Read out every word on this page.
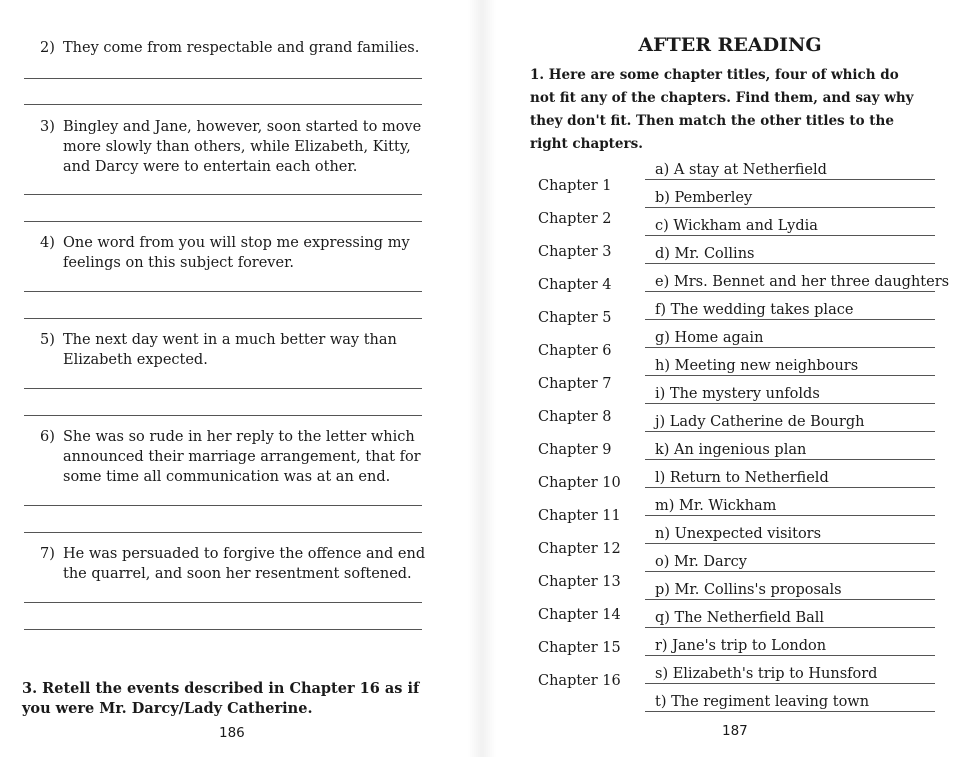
2) They come from respectable and grand families.
3) Bingley and Jane, however, soon started to move more slowly than others, while Elizabeth, Kitty, and Darcy were to entertain each other.
4) One word from you will stop me expressing my feelings on this subject forever.
5) The next day went in a much better way than Elizabeth expected.
6) She was so rude in her reply to the letter which announced their marriage arrangement, that for some time all communication was at an end.
7) He was persuaded to forgive the offence and end the quarrel, and soon her resentment softened.
3. Retell the events described in Chapter 16 as if you were Mr. Darcy/Lady Catherine.
186
AFTER READING
1. Here are some chapter titles, four of which do not fit any of the chapters. Find them, and say why they don't fit. Then match the other titles to the right chapters.
Chapter 1
Chapter 2
Chapter 3
Chapter 4
Chapter 5
Chapter 6
Chapter 7
Chapter 8
Chapter 9
Chapter 10
Chapter 11
Chapter 12
Chapter 13
Chapter 14
Chapter 15
Chapter 16
a) A stay at Netherfield
b) Pemberley
c) Wickham and Lydia
d) Mr. Collins
e) Mrs. Bennet and her three daughters
f) The wedding takes place
g) Home again
h) Meeting new neighbours
i) The mystery unfolds
j) Lady Catherine de Bourgh
k) An ingenious plan
l) Return to Netherfield
m) Mr. Wickham
n) Unexpected visitors
o) Mr. Darcy
p) Mr. Collins's proposals
q) The Netherfield Ball
r) Jane's trip to London
s) Elizabeth's trip to Hunsford
t) The regiment leaving town
187
